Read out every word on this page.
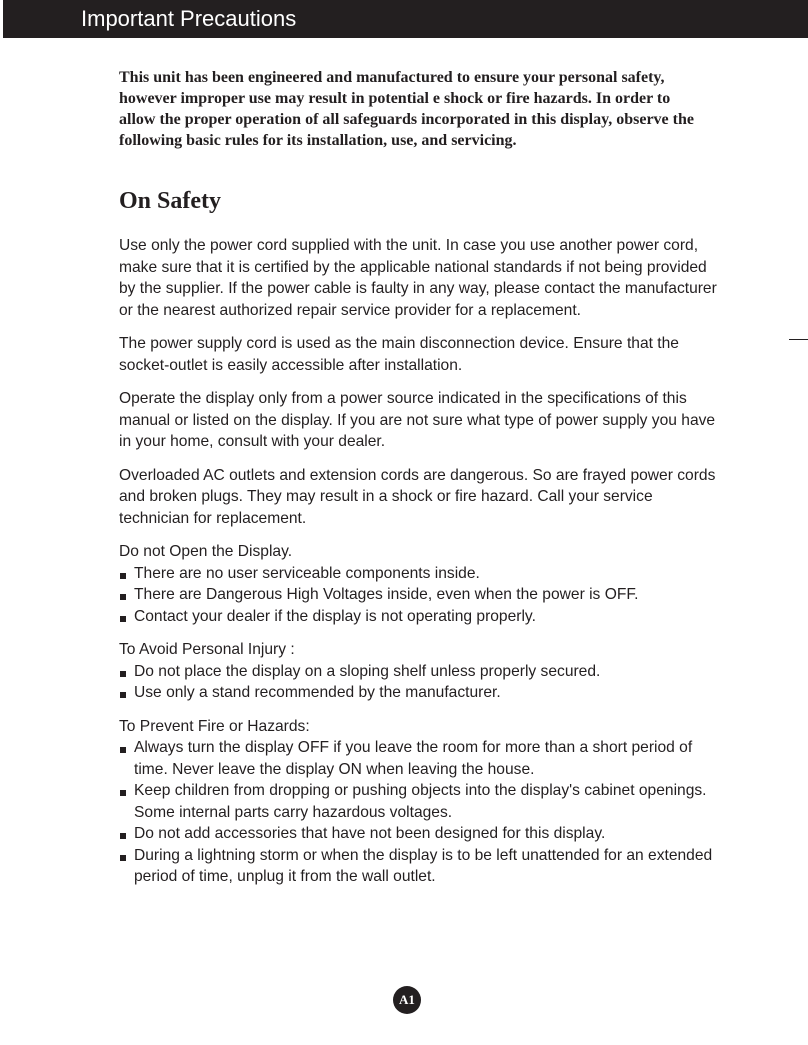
Important Precautions
This unit has been engineered and manufactured to ensure your personal safety, however improper use may result in potential e shock or fire hazards. In order to allow the proper operation of all safeguards incorporated in this display, observe the following basic rules for its installation, use, and servicing.
On Safety

Use only the power cord supplied with the unit. In case you use another power cord, make sure that it is certified by the applicable national standards if not being provided by the supplier. If the power cable is faulty in any way, please contact the manufacturer or the nearest authorized repair service provider for a replacement.

The power supply cord is used as the main disconnection device. Ensure that the socket-outlet is easily accessible after installation.

Operate the display only from a power source indicated in the specifications of this manual or listed on the display. If you are not sure what type of power supply you have in your home, consult with your dealer.

Overloaded AC outlets and extension cords are dangerous. So are frayed power cords and broken plugs. They may result in a shock or fire hazard. Call your service technician for replacement.

Do not Open the Display.

There are no user serviceable components inside.
There are Dangerous High Voltages inside, even when the power is OFF.
Contact your dealer if the display is not operating properly.

To Avoid Personal Injury :

Do not place the display on a sloping shelf unless properly secured.
Use only a stand recommended by the manufacturer.

To Prevent Fire or Hazards:

Always turn the display OFF if you leave the room for more than a short period of time. Never leave the display ON when leaving the house.
Keep children from dropping or pushing objects into the display's cabinet openings. Some internal parts carry hazardous voltages.
Do not add accessories that have not been designed for this display.
During a lightning storm or when the display is to be left unattended for an extended period of time, unplug it from the wall outlet.
A1
